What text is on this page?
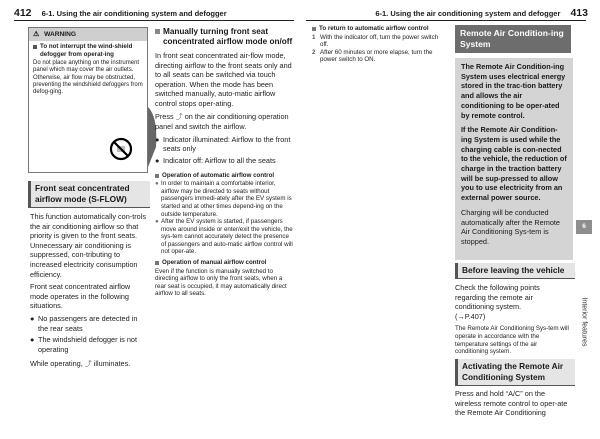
412 6-1. Using the air conditioning system and defogger
⚠ WARNING
To not interrupt the wind-shield defogger from operat-ing

Do not place anything on the instrument panel which may cover the air outlets. Otherwise, air flow may be obstructed, preventing the windshield defoggers from defog-ging.

Front seat concentrated airflow mode (S-FLOW)

This function automatically con-trols the air conditioning airflow so that priority is given to the front seats. Unnecessary air conditioning is suppressed, con-tributing to increased electricity consumption efficiency.

Front seat concentrated airflow mode operates in the following situations.

● No passengers are detected in the rear seats
● The windshield defogger is not operating

While operating, ⤴ illuminates.

Manually turning front seat concentrated airflow mode on/off

In front seat concentrated air-flow mode, directing airflow to the front seats only and to all seats can be switched via touch operation. When the mode has been switched manually, auto-matic airflow control stops oper-ating.

Press ⤴ on the air conditioning operation panel and switch the airflow.

● Indicator illuminated: Airflow to the front seats only
● Indicator off: Airflow to all the seats
Operation of automatic airflow control
● In order to maintain a comfortable interior, airflow may be directed to seats without passengers immedi-ately after the EV system is started and at other times depend-ing on the outside temperature.
● After the EV system is started, if passengers move around inside or enter/exit the vehicle, the sys-tem cannot accurately detect the presence of passengers and auto-matic airflow control will not oper-ate.
Operation of manual airflow control

Even if the function is manually switched to directing airflow to only the front seats, when a rear seat is occupied, it may automatically direct airflow to all seats.

6-1. Using the air conditioning system and defogger 413
To return to automatic airflow control
1 With the indicator off, turn the power switch off.
2 After 60 minutes or more elapse, turn the power switch to ON.
Remote Air Condition-ing System

The Remote Air Condition-ing System uses electrical energy stored in the trac-tion battery and allows the air conditioning to be oper-ated by remote control.

If the Remote Air Condition-ing System is used while the charging cable is con-nected to the vehicle, the reduction of charge in the traction battery will be sup-pressed to allow you to use electricity from an external power source.

Charging will be conducted automatically after the Remote Air Conditioning Sys-tem is stopped.

6
Interior features
Before leaving the vehicle

Check the following points regarding the remote air conditioning system.

(→P.407)

The Remote Air Conditioning Sys-tem will operate in accordance with the temperature settings of the air conditioning system.

Activating the Remote Air Conditioning System

Press and hold “A/C” on the wireless remote control to oper-ate the Remote Air Conditioning
